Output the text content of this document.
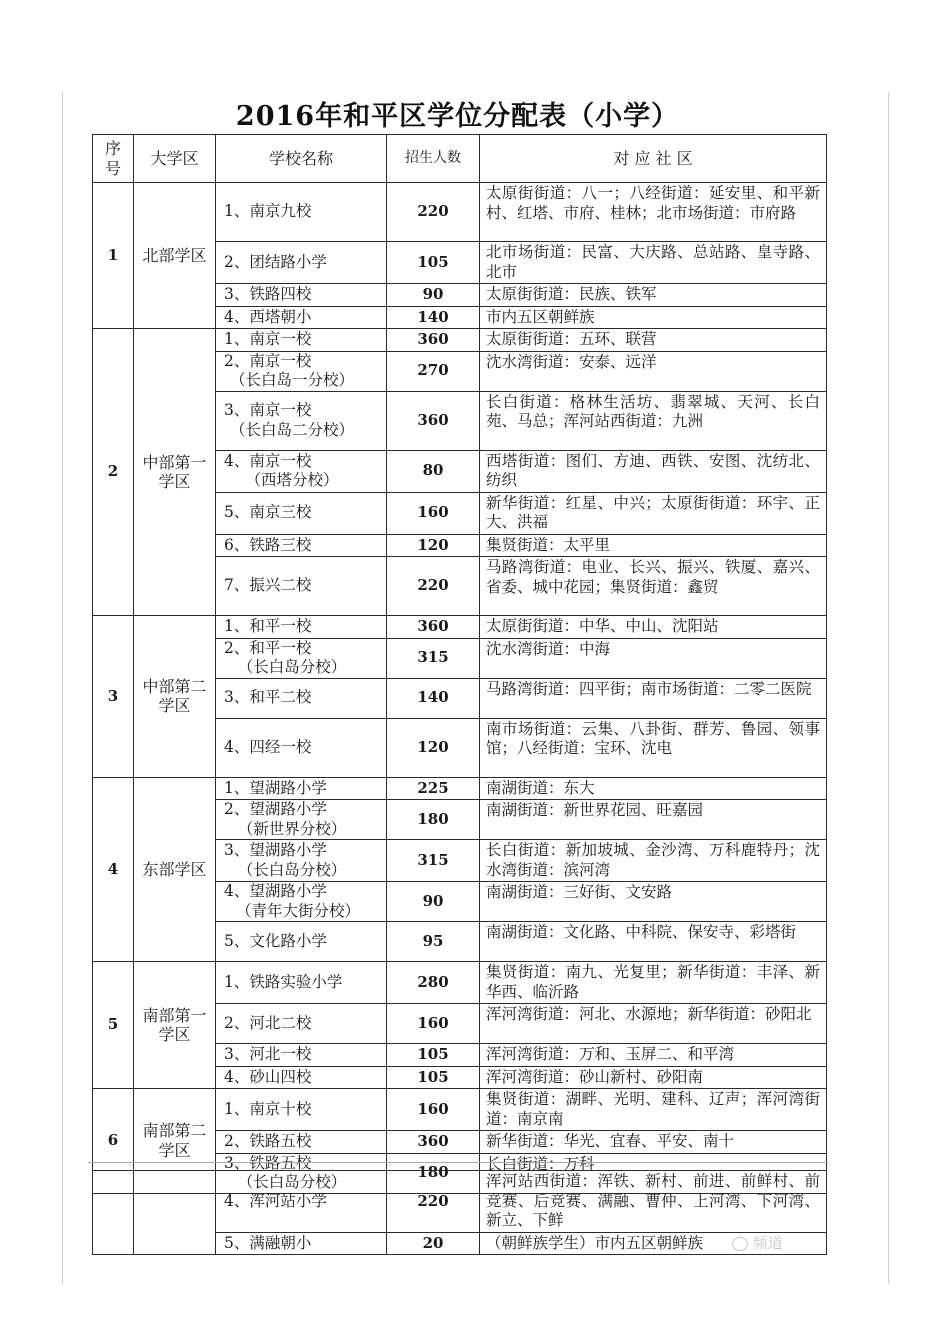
2016年和平区学位分配表（小学）
序号	大学区	学校名称	招生人数	对 应 社 区
1	北部学区	1、南京九校	220	太原街街道：八一；八经街道：延安里、和平新村、红塔、市府、桂林；北市场街道：市府路
		2、团结路小学	105	北市场街道：民富、大庆路、总站路、皇寺路、北市
		3、铁路四校	90	太原街街道：民族、铁军
		4、西塔朝小	140	市内五区朝鲜族
2	中部第一学区	1、南京一校	360	太原街街道：五环、联营
		2、南京一校
（长白岛一分校）	270	沈水湾街道：安泰、远洋
		3、南京一校
（长白岛二分校）	360	长白街道：格林生活坊、翡翠城、天河、长白苑、马总；浑河站西街道：九洲
		4、南京一校
（西塔分校）	80	西塔街道：图们、方迪、西铁、安图、沈纺北、纺织
		5、南京三校	160	新华街道：红星、中兴；太原街街道：环宇、正大、洪福
		6、铁路三校	120	集贤街道：太平里
		7、振兴二校	220	马路湾街道：电业、长兴、振兴、铁厦、嘉兴、省委、城中花园；集贤街道：鑫贸
3	中部第二学区	1、和平一校	360	太原街街道：中华、中山、沈阳站
		2、和平一校
（长白岛分校）	315	沈水湾街道：中海
		3、和平二校	140	马路湾街道：四平街；南市场街道：二零二医院
		4、四经一校	120	南市场街道：云集、八卦街、群芳、鲁园、领事馆；八经街道：宝环、沈电
4	东部学区	1、望湖路小学	225	南湖街道：东大
		2、望湖路小学
（新世界分校）	180	南湖街道：新世界花园、旺嘉园
		3、望湖路小学
（长白岛分校）	315	长白街道：新加坡城、金沙湾、万科鹿特丹；沈水湾街道：滨河湾
		4、望湖路小学
（青年大街分校）	90	南湖街道：三好街、文安路
		5、文化路小学	95	南湖街道：文化路、中科院、保安寺、彩塔街
5	南部第一学区	1、铁路实验小学	280	集贤街道：南九、光复里；新华街道：丰泽、新华西、临沂路
		2、河北二校	160	浑河湾街道：河北、水源地；新华街道：砂阳北
		3、河北一校	105	浑河湾街道：万和、玉屏二、和平湾
		4、砂山四校	105	浑河湾街道：砂山新村、砂阳南
6	南部第二学区	1、南京十校	160	集贤街道：湖畔、光明、建科、辽声；浑河湾街道：南京南
		2、铁路五校	360	新华街道：华光、宜春、平安、南十
		3、铁路五校
（长白岛分校）	180	长白街道：万科
		4、浑河站小学	220	浑河站西街道：浑铁、新村、前进、前鲜村、前竞赛、后竞赛、满融、曹仲、上河湾、下河湾、新立、下鲜
		5、满融朝小	20	（朝鲜族学生）市内五区朝鲜族	频道
